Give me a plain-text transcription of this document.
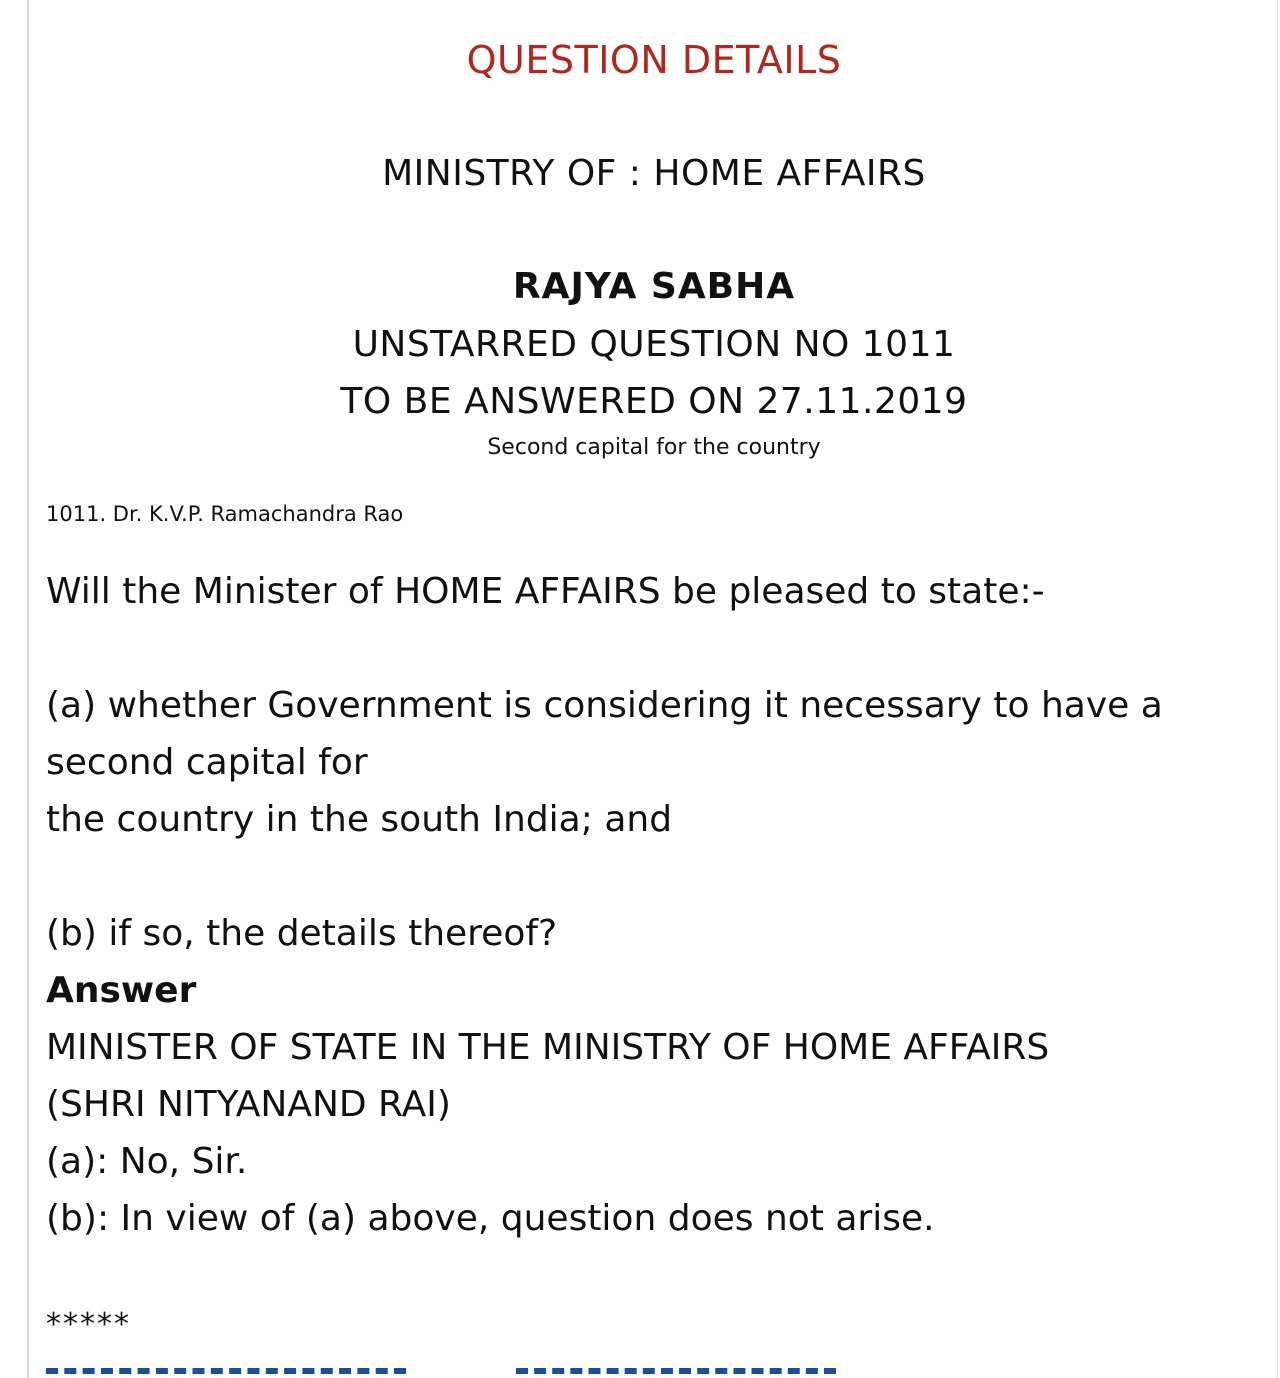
QUESTION DETAILS
MINISTRY OF : HOME AFFAIRS
RAJYA SABHA
UNSTARRED QUESTION NO 1011
TO BE ANSWERED ON 27.11.2019
Second capital for the country
1011. Dr. K.V.P. Ramachandra Rao
Will the Minister of HOME AFFAIRS be pleased to state:-
(a) whether Government is considering it necessary to have a
second capital for
the country in the south India; and
(b) if so, the details thereof?
Answer
MINISTER OF STATE IN THE MINISTRY OF HOME AFFAIRS
(SHRI NITYANAND RAI)
(a): No, Sir.
(b): In view of (a) above, question does not arise.
*****
